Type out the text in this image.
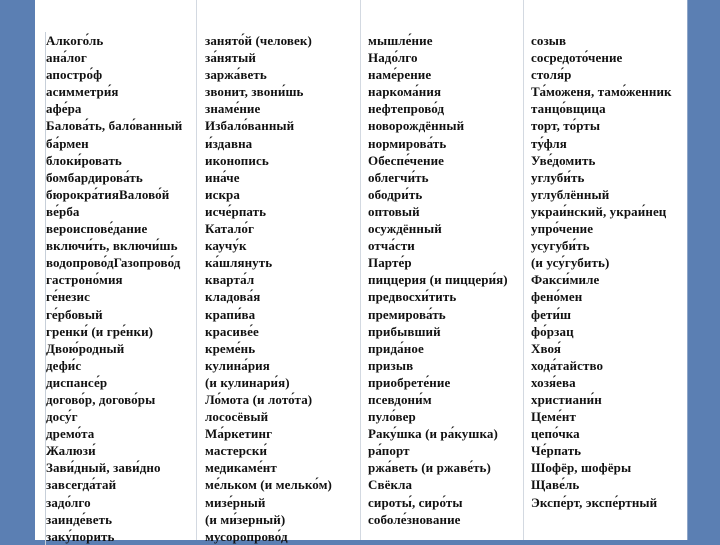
Алкого́ль
ана́лог
апостро́ф
асимметри́я
афе́ра
Балова́ть, бало́ванный
ба́рмен
блоки́ровать
бомбардирова́ть
бюрокра́тияВалово́й
ве́рба
вероиспове́дание
включи́ть, включи́шь
водопрово́дГазопрово́д
гастроно́мия
ге́незис
ге́рбовый
гренки́ (и гре́нки)
Двою́родный
дефи́с
диспансе́р
догово́р, догово́ры
досу́г
дремо́та
Жалюзи́
Зави́дный, зави́дно
завсегда́тай
задо́лго
заинде́веть
заку́порить
занято́й (человек)
за́нятый
заржа́веть
звонит, звони́шь
знаме́ние
Избало́ванный
и́здавна
иконопись
ина́че
искра
исче́рпать
Катало́г
каучу́к
ка́шлянуть
кварта́л
кладова́я
крапи́ва
красиве́е
креме́нь
кулина́рия
(и кулинари́я)
Ло́мота (и лото́та)
лососёвый
Ма́ркетинг
мастерски́
медикаме́нт
ме́льком (и мелько́м)
мизе́рный
(и ми́зерный)
мусоропрово́д
мышле́ние
Надо́лго
наме́рение
наркома́ния
нефтепрово́д
новорождённый
нормирова́ть
Обеспе́чение
облегчи́ть
ободри́ть
оптовый
осуждённый
отча́сти
Парте́р
пиццерия (и пиццери́я)
предвосхи́тить
премирова́ть
прибывший
прида́ное
призыв
приобрете́ние
псевдони́м
пуло́вер
Раку́шка (и ра́кушка)
ра́порт
ржа́веть (и ржаве́ть)
Свёкла
сироты́, сиро́ты
соболе́знование
созыв
сосредото́чение
столя́р
Та́моженя, тамо́женник
танцо́вщица
торт, то́рты
ту́фля
Уве́домить
углуби́ть
углублённый
украи́нский, украи́нец
упро́чение
усугуби́ть
(и усу́губить)
Факси́миле
фено́мен
фети́ш
фо́рзац
Хвоя́
хода́тайство
хозя́ева
христиани́н
Цеме́нт
цепо́чка
Че́рпать
Шофёр, шофёры
Щаве́ль
Экспе́рт, экспе́ртный
